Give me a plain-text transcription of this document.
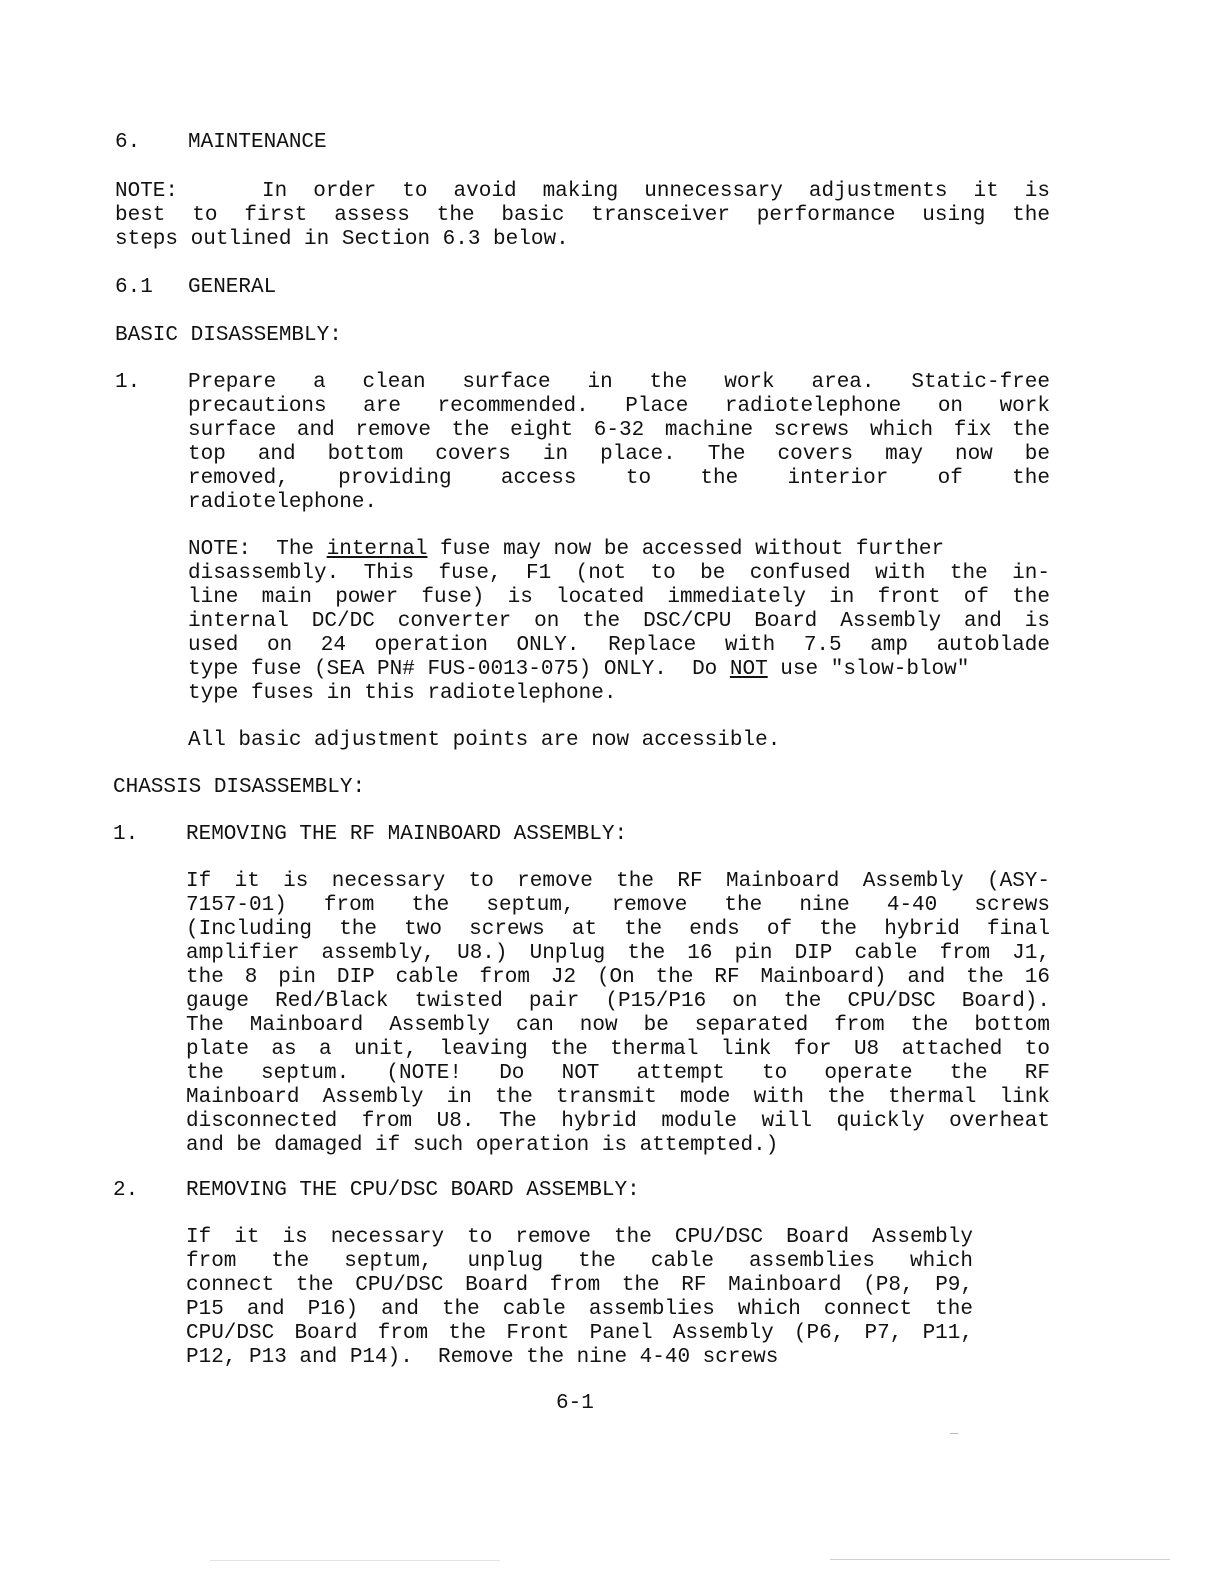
6. MAINTENANCE
NOTE:	In order to avoid making unnecessary adjustments it is
best to first assess the basic transceiver performance using the
steps outlined in Section 6.3 below.
6.1 GENERAL
BASIC DISASSEMBLY:
1. Prepare a clean surface in the work area. Static-free
precautions are recommended. Place radiotelephone on work
surface and remove the eight 6-32 machine screws which fix the
top and bottom covers in place. The covers may now be
removed, providing access to the interior of the
radiotelephone.
NOTE:  The internal fuse may now be accessed without further
disassembly. This fuse, F1 (not to be confused with the in-
line main power fuse) is located immediately in front of the
internal DC/DC converter on the DSC/CPU Board Assembly and is
used on 24 operation ONLY. Replace with 7.5 amp autoblade
type fuse (SEA PN# FUS-0013-075) ONLY.  Do NOT use "slow-blow"
type fuses in this radiotelephone.
All basic adjustment points are now accessible.
CHASSIS DISASSEMBLY:
1. REMOVING THE RF MAINBOARD ASSEMBLY:
If it is necessary to remove the RF Mainboard Assembly (ASY-
7157-01) from the septum, remove the nine 4-40 screws
(Including the two screws at the ends of the hybrid final
amplifier assembly, U8.) Unplug the 16 pin DIP cable from J1,
the 8 pin DIP cable from J2 (On the RF Mainboard) and the 16
gauge Red/Black twisted pair (P15/P16 on the CPU/DSC Board).
The Mainboard Assembly can now be separated from the bottom
plate as a unit, leaving the thermal link for U8 attached to
the septum. (NOTE! Do NOT attempt to operate the RF
Mainboard Assembly in the transmit mode with the thermal link
disconnected from U8. The hybrid module will quickly overheat
and be damaged if such operation is attempted.)
2. REMOVING THE CPU/DSC BOARD ASSEMBLY:
If it is necessary to remove the CPU/DSC Board Assembly
from the septum, unplug the cable assemblies which
connect the CPU/DSC Board from the RF Mainboard (P8, P9,
P15 and P16) and the cable assemblies which connect the
CPU/DSC Board from the Front Panel Assembly (P6, P7, P11,
P12, P13 and P14).  Remove the nine 4-40 screws
6-1
